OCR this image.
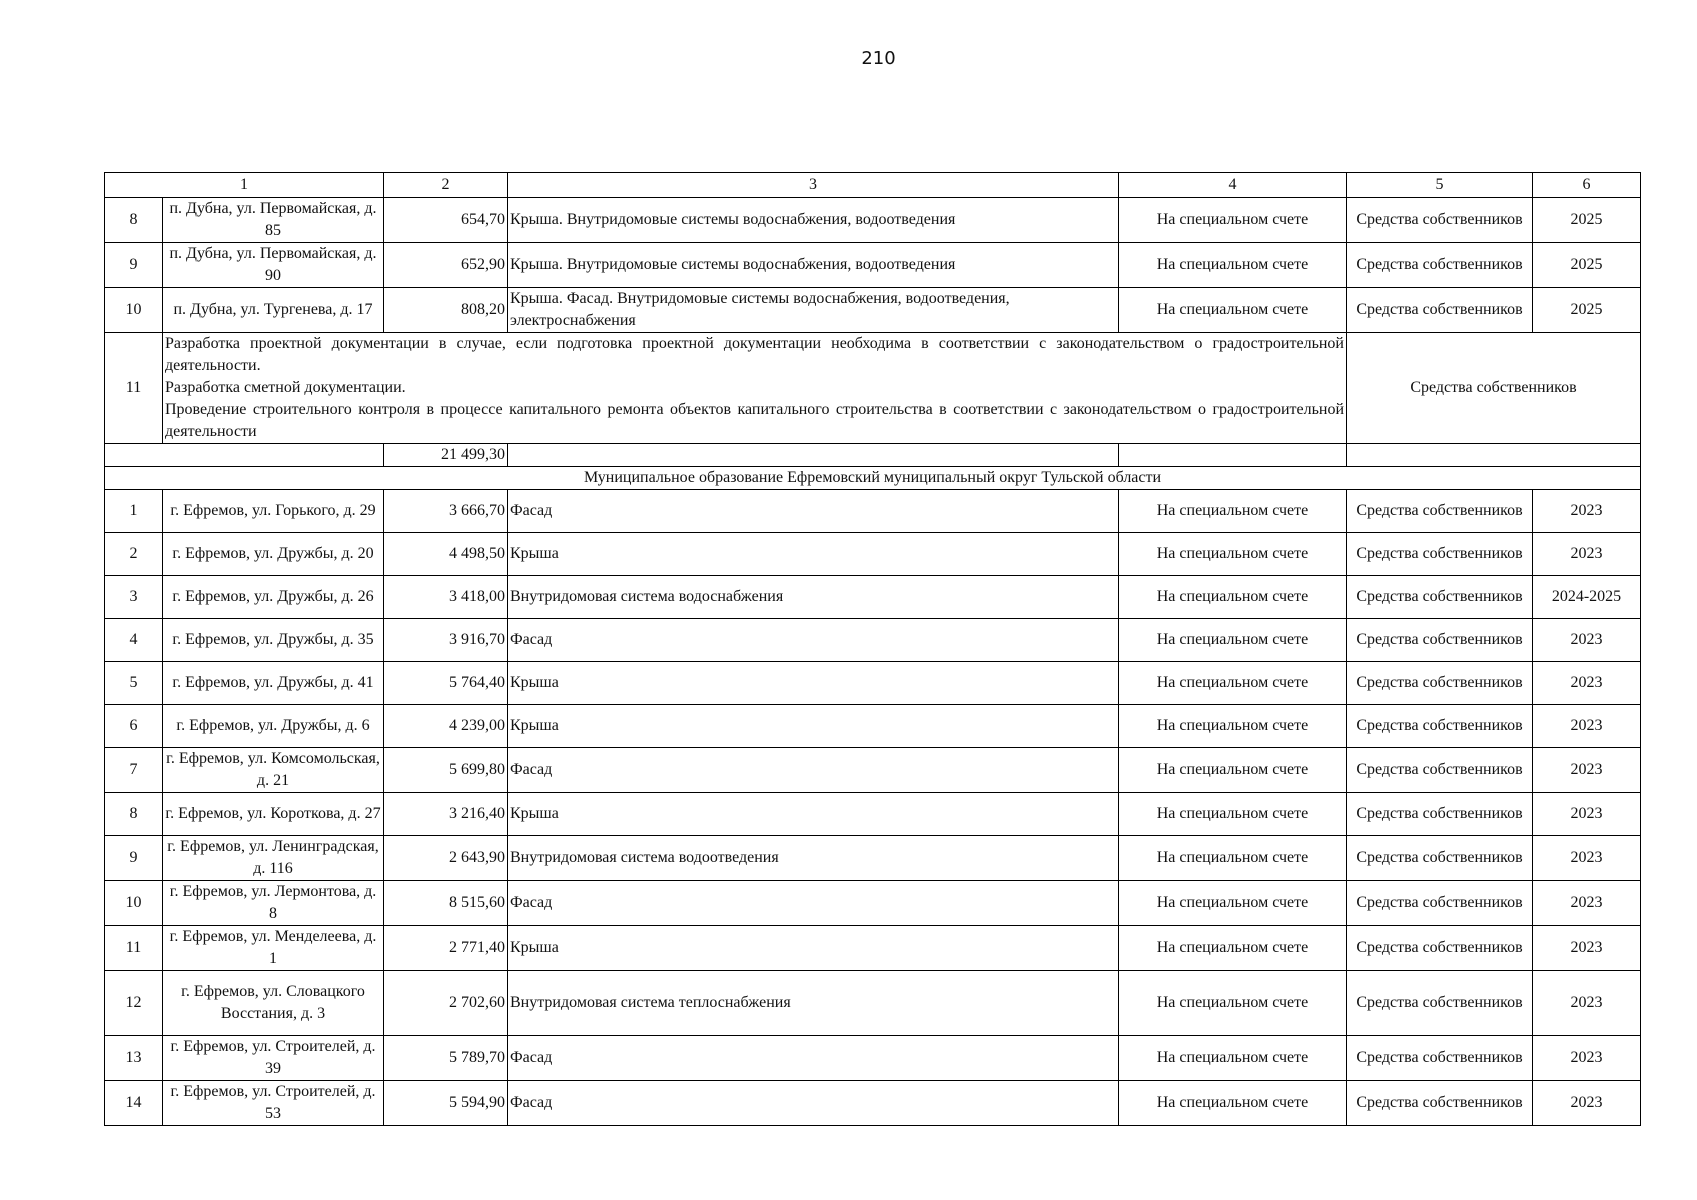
210
1		2	3	4	5	6
8	п. Дубна, ул. Первомайская, д. 85	654,70	Крыша. Внутридомовые системы водоснабжения, водоотведения	На специальном счете	Средства собственников	2025
9	п. Дубна, ул. Первомайская, д. 90	652,90	Крыша. Внутридомовые системы водоснабжения, водоотведения	На специальном счете	Средства собственников	2025
10	п. Дубна, ул. Тургенева, д. 17	808,20	Крыша. Фасад. Внутридомовые системы водоснабжения, водоотведения, электроснабжения	На специальном счете	Средства собственников	2025
11	Разработка проектной документации в случае, если подготовка проектной документации необходима в соответствии с законодательством о градостроительной деятельности.
Разработка сметной документации.
Проведение строительного контроля в процессе капитального ремонта объектов капитального строительства в соответствии с законодательством о градостроительной деятельности				Средства собственников	
		21 499,30				
Муниципальное образование Ефремовский муниципальный округ Тульской области						
1	г. Ефремов, ул. Горького, д. 29	3 666,70	Фасад	На специальном счете	Средства собственников	2023
2	г. Ефремов, ул. Дружбы, д. 20	4 498,50	Крыша	На специальном счете	Средства собственников	2023
3	г. Ефремов, ул. Дружбы, д. 26	3 418,00	Внутридомовая система водоснабжения	На специальном счете	Средства собственников	2024-2025
4	г. Ефремов, ул. Дружбы, д. 35	3 916,70	Фасад	На специальном счете	Средства собственников	2023
5	г. Ефремов, ул. Дружбы, д. 41	5 764,40	Крыша	На специальном счете	Средства собственников	2023
6	г. Ефремов, ул. Дружбы, д. 6	4 239,00	Крыша	На специальном счете	Средства собственников	2023
7	г. Ефремов, ул. Комсомольская, д. 21	5 699,80	Фасад	На специальном счете	Средства собственников	2023
8	г. Ефремов, ул. Короткова, д. 27	3 216,40	Крыша	На специальном счете	Средства собственников	2023
9	г. Ефремов, ул. Ленинградская, д. 116	2 643,90	Внутридомовая система водоотведения	На специальном счете	Средства собственников	2023
10	г. Ефремов, ул. Лермонтова, д. 8	8 515,60	Фасад	На специальном счете	Средства собственников	2023
11	г. Ефремов, ул. Менделеева, д. 1	2 771,40	Крыша	На специальном счете	Средства собственников	2023
12	г. Ефремов, ул. Словацкого Восстания, д. 3	2 702,60	Внутридомовая система теплоснабжения	На специальном счете	Средства собственников	2023
13	г. Ефремов, ул. Строителей, д. 39	5 789,70	Фасад	На специальном счете	Средства собственников	2023
14	г. Ефремов, ул. Строителей, д. 53	5 594,90	Фасад	На специальном счете	Средства собственников	2023
